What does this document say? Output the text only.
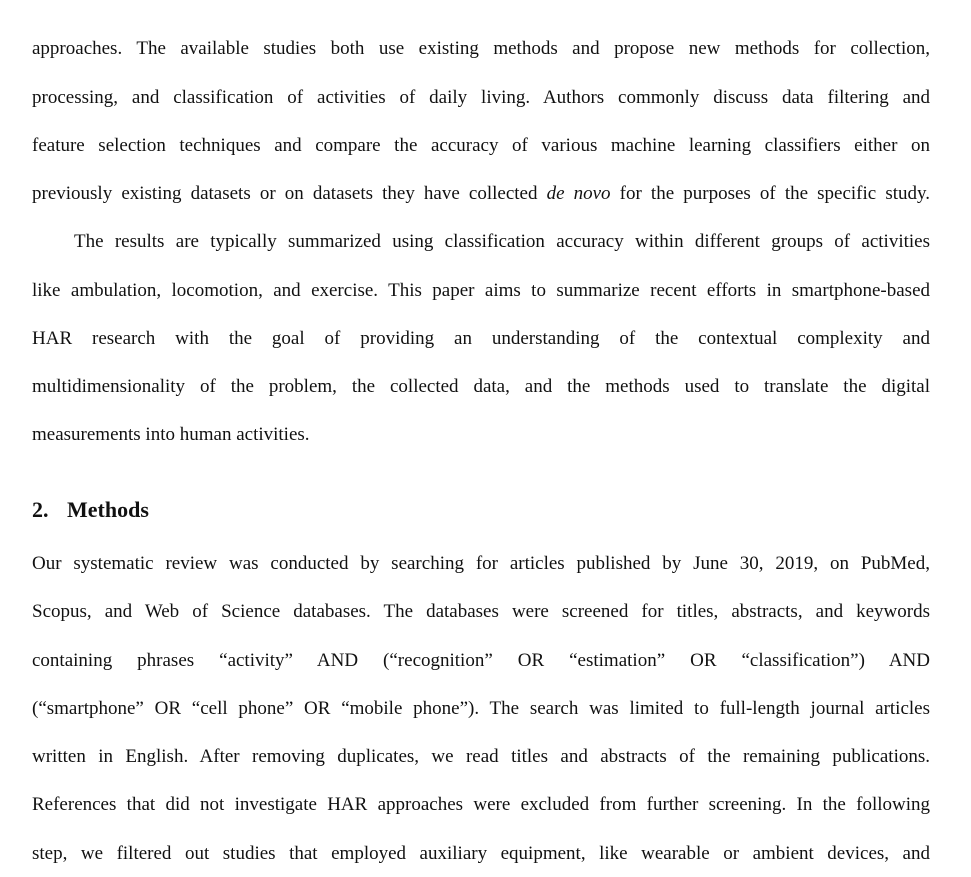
approaches. The available studies both use existing methods and propose new methods for collection,
processing, and classification of activities of daily living. Authors commonly discuss data filtering and
feature selection techniques and compare the accuracy of various machine learning classifiers either on
previously existing datasets or on datasets they have collected de novo for the purposes of the specific study.
The results are typically summarized using classification accuracy within different groups of activities
like ambulation, locomotion, and exercise. This paper aims to summarize recent efforts in smartphone-based
HAR research with the goal of providing an understanding of the contextual complexity and
multidimensionality of the problem, the collected data, and the methods used to translate the digital
measurements into human activities.
2. Methods
Our systematic review was conducted by searching for articles published by June 30, 2019, on PubMed,
Scopus, and Web of Science databases. The databases were screened for titles, abstracts, and keywords
containing phrases “activity” AND (“recognition” OR “estimation” OR “classification”) AND
(“smartphone” OR “cell phone” OR “mobile phone”). The search was limited to full-length journal articles
written in English. After removing duplicates, we read titles and abstracts of the remaining publications.
References that did not investigate HAR approaches were excluded from further screening. In the following
step, we filtered out studies that employed auxiliary equipment, like wearable or ambient devices, and
